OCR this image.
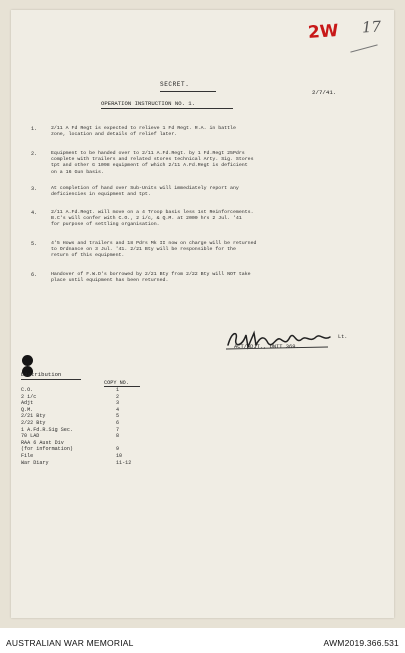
2W 17
SECRET.
2/7/41.
OPERATION INSTRUCTION NO. 1.
1.	2/11 A Fd Regt is expected to relieve 1 Fd Regt. R.A. in battle
zone, location and details of relief later.
2.	Equipment to be handed over to 2/11 A.Fd.Regt. by 1 Fd.Regt 25Pdrs
complete with trailers and related stores technical Arty. Sig. Stores
tpt and other G 1098 equipment of which 2/11 A.Fd.Regt is deficient
on a 16 Gun basis.
3.	At completion of hand over Sub-Units will immediately report any
deficiencies in equipment and tpt.
4.	2/11 A.Fd.Regt. will move on a 4 Troop basis less 1st Reinforcements.
B.C's will confer with C.O., 2 i/c, & Q.M. at 2000 hrs 2 Jul. '41
for purpose of settling organisation.
5.	4'5 Hows and trailers and 18 Pdrs Mk II now on charge will be returned
to Ordnance on 3 Jul. '41. 2/21 Bty will be responsible for the
return of this equipment.
6.	Handover of F.W.D's borrowed by 2/21 Bty from 2/22 Bty will NOT take
place until equipment has been returned.
Lt.
ACT/ADJT., UNIT 369.
Distribution
COPY NO.
C.O.	1
2 i/c	2
Adjt	3
Q.M.	4
2/21 Bty	5
2/22 Bty	6
1 A.Fd.R.Sig Sec.	7
70 LAD	8
RAA 6 Aust Div
(for information)	9
File	10
War Diary	11-12
AUSTRALIAN WAR MEMORIAL	AWM2019.366.531
